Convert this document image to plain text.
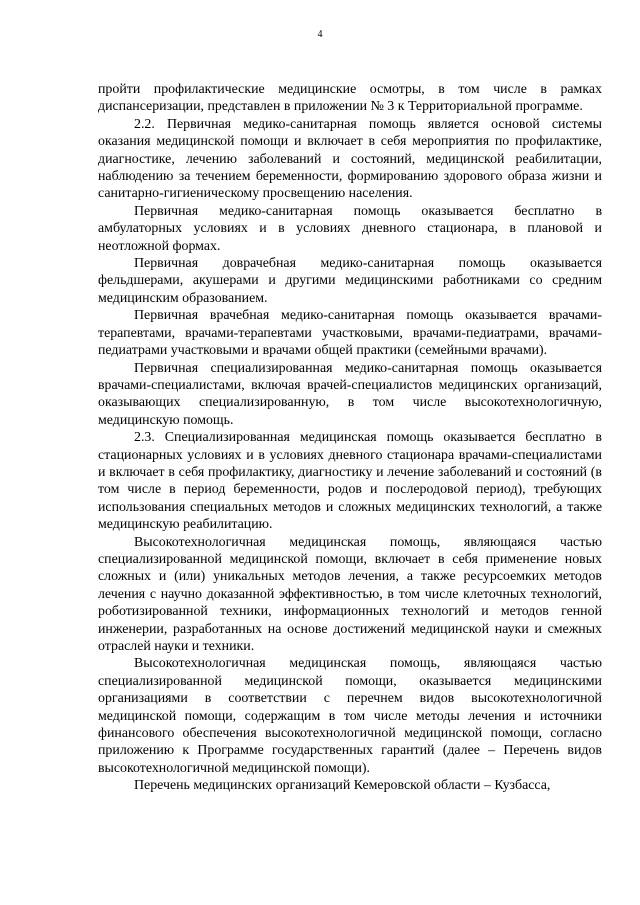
4

пройти профилактические медицинские осмотры, в том числе в рамках диспансеризации, представлен в приложении № 3 к Территориальной программе.

2.2. Первичная медико-санитарная помощь является основой системы оказания медицинской помощи и включает в себя мероприятия по профилактике, диагностике, лечению заболеваний и состояний, медицинской реабилитации, наблюдению за течением беременности, формированию здорового образа жизни и санитарно-гигиеническому просвещению населения.

Первичная медико-санитарная помощь оказывается бесплатно в амбулаторных условиях и в условиях дневного стационара, в плановой и неотложной формах.

Первичная доврачебная медико-санитарная помощь оказывается фельдшерами, акушерами и другими медицинскими работниками со средним медицинским образованием.

Первичная врачебная медико-санитарная помощь оказывается врачами-терапевтами, врачами-терапевтами участковыми, врачами-педиатрами, врачами-педиатрами участковыми и врачами общей практики (семейными врачами).

Первичная специализированная медико-санитарная помощь оказывается врачами-специалистами, включая врачей-специалистов медицинских организаций, оказывающих специализированную, в том числе высокотехнологичную, медицинскую помощь.

2.3. Специализированная медицинская помощь оказывается бесплатно в стационарных условиях и в условиях дневного стационара врачами-специалистами и включает в себя профилактику, диагностику и лечение заболеваний и состояний (в том числе в период беременности, родов и послеродовой период), требующих использования специальных методов и сложных медицинских технологий, а также медицинскую реабилитацию.

Высокотехнологичная медицинская помощь, являющаяся частью специализированной медицинской помощи, включает в себя применение новых сложных и (или) уникальных методов лечения, а также ресурсоемких методов лечения с научно доказанной эффективностью, в том числе клеточных технологий, роботизированной техники, информационных технологий и методов генной инженерии, разработанных на основе достижений медицинской науки и смежных отраслей науки и техники.

Высокотехнологичная медицинская помощь, являющаяся частью специализированной медицинской помощи, оказывается медицинскими организациями в соответствии с перечнем видов высокотехнологичной медицинской помощи, содержащим в том числе методы лечения и источники финансового обеспечения высокотехнологичной медицинской помощи, согласно приложению к Программе государственных гарантий (далее – Перечень видов высокотехнологичной медицинской помощи).

Перечень медицинских организаций Кемеровской области – Кузбасса,
